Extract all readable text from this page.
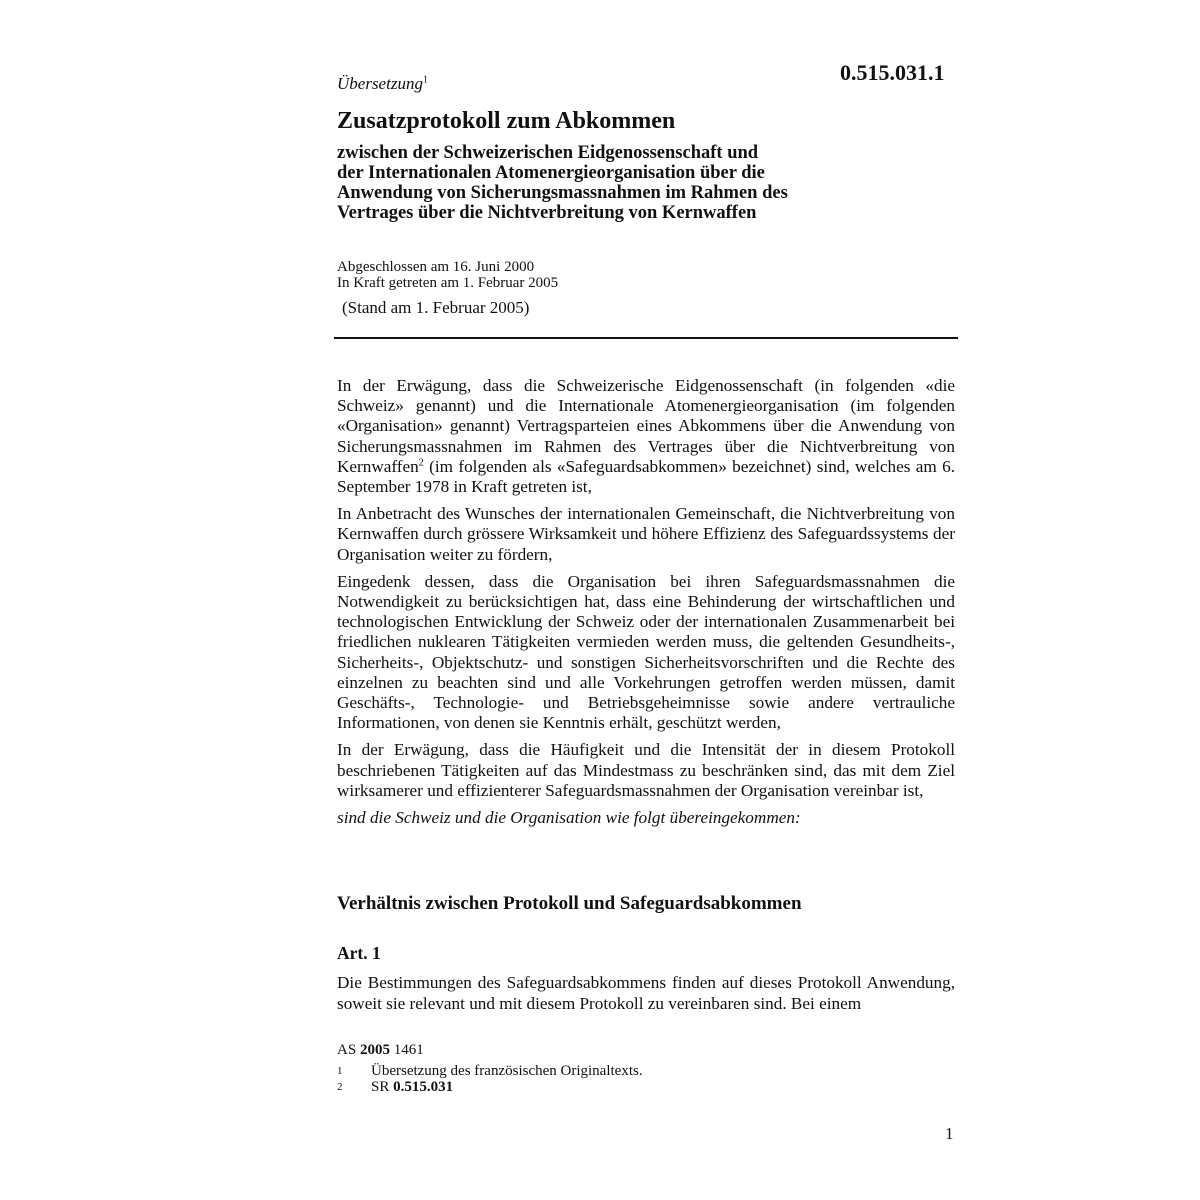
Übersetzung$^1$	0.515.031.1
Zusatzprotokoll zum Abkommen
zwischen der Schweizerischen Eidgenossenschaft und
der Internationalen Atomenergieorganisation über die
Anwendung von Sicherungsmassnahmen im Rahmen des
Vertrages über die Nichtverbreitung von Kernwaffen
Abgeschlossen am 16. Juni 2000
In Kraft getreten am 1. Februar 2005
(Stand am 1. Februar 2005)

In der Erwägung, dass die Schweizerische Eidgenossenschaft (in folgenden «die Schweiz» genannt) und die Internationale Atomenergieorganisation (im folgenden «Organisation» genannt) Vertragsparteien eines Abkommens über die Anwendung von Sicherungsmassnahmen im Rahmen des Vertrages über die Nichtverbreitung von Kernwaffen$^2$ (im folgenden als «Safeguardsabkommen» bezeichnet) sind, welches am 6. September 1978 in Kraft getreten ist,

In Anbetracht des Wunsches der internationalen Gemeinschaft, die Nichtverbreitung von Kernwaffen durch grössere Wirksamkeit und höhere Effizienz des Safeguardssystems der Organisation weiter zu fördern,

Eingedenk dessen, dass die Organisation bei ihren Safeguardsmassnahmen die Notwendigkeit zu berücksichtigen hat, dass eine Behinderung der wirtschaftlichen und technologischen Entwicklung der Schweiz oder der internationalen Zusammenarbeit bei friedlichen nuklearen Tätigkeiten vermieden werden muss, die geltenden Gesundheits-, Sicherheits-, Objektschutz- und sonstigen Sicherheitsvorschriften und die Rechte des einzelnen zu beachten sind und alle Vorkehrungen getroffen werden müssen, damit Geschäfts-, Technologie- und Betriebsgeheimnisse sowie andere vertrauliche Informationen, von denen sie Kenntnis erhält, geschützt werden,

In der Erwägung, dass die Häufigkeit und die Intensität der in diesem Protokoll beschriebenen Tätigkeiten auf das Mindestmass zu beschränken sind, das mit dem Ziel wirksamerer und effizienterer Safeguardsmassnahmen der Organisation vereinbar ist,

sind die Schweiz und die Organisation wie folgt übereingekommen:

Verhältnis zwischen Protokoll und Safeguardsabkommen
Art. 1
Die Bestimmungen des Safeguardsabkommens finden auf dieses Protokoll Anwendung, soweit sie relevant und mit diesem Protokoll zu vereinbaren sind. Bei einem
AS 2005 1461
1 Übersetzung des französischen Originaltexts.
2 SR 0.515.031
1
